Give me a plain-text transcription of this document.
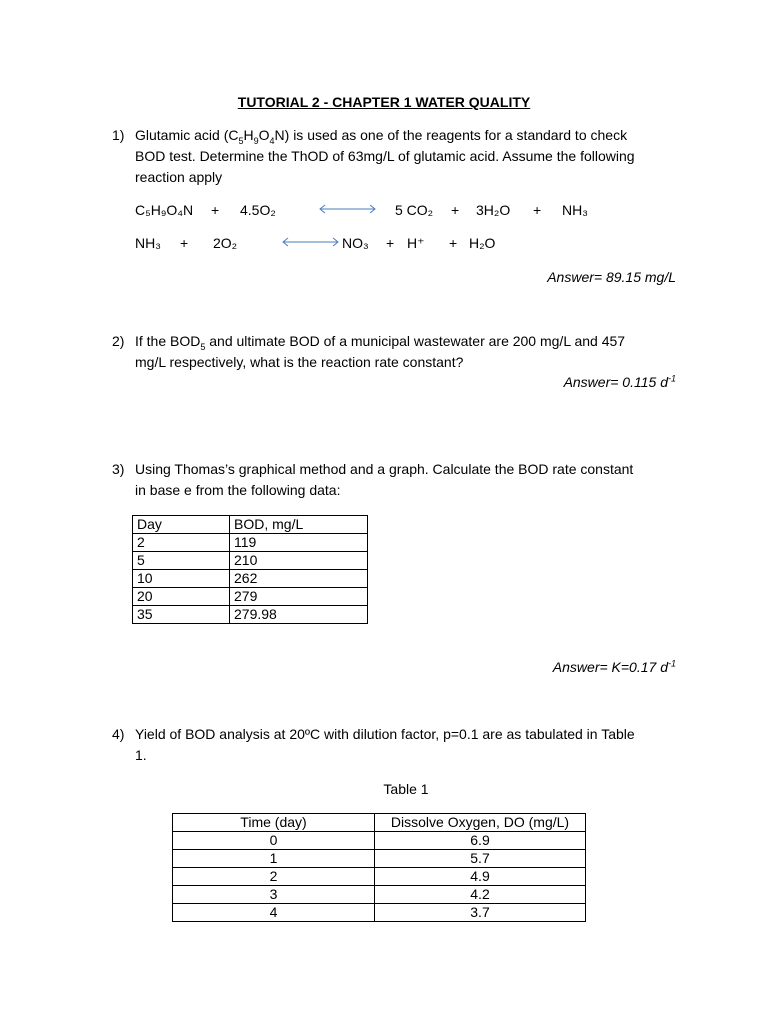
TUTORIAL 2 - CHAPTER 1 WATER QUALITY
1) Glutamic acid $(C_5H_9O_4N)$ is used as one of the reagents for a standard to check
BOD test. Determine the ThOD of 63mg/L of glutamic acid. Assume the following
reaction apply
C₅H₉O₄N + 4.5O₂	5 CO₂ + 3H₂O + NH₃
NH₃ + 2O₂	NO₃ + H⁺ + H₂O
Answer= 89.15 mg/L
2) If the $BOD_5$ and ultimate BOD of a municipal wastewater are 200 mg/L and 457
mg/L respectively, what is the reaction rate constant?
Answer= 0.115 $d^{-1}$
3) Using Thomas’s graphical method and a graph. Calculate the BOD rate constant
in base e from the following data:
Day	BOD, mg/L
2	119
5	210
10	262
20	279
35	279.98
Answer= K=0.17 $d^{-1}$
4) Yield of BOD analysis at 20ºC with dilution factor, p=0.1 are as tabulated in Table
1.
Table 1
Time (day)	Dissolve Oxygen, DO (mg/L)
0	6.9
1	5.7
2	4.9
3	4.2
4	3.7
